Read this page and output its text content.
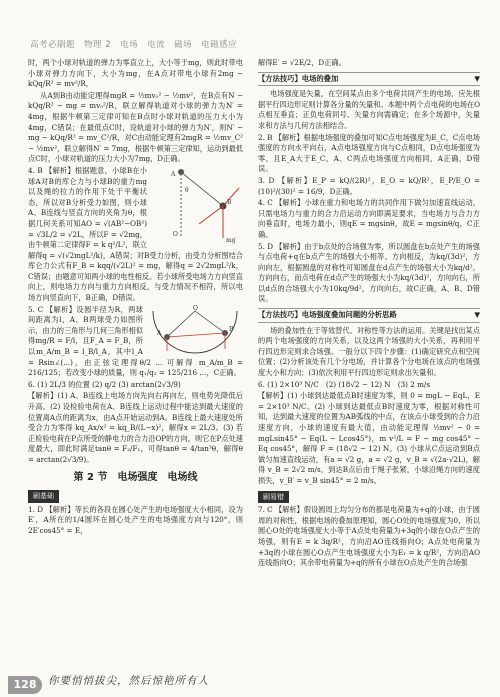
高考必刷题　物理 2　电场　电流　磁场　电磁感应

时，两个小球对轨道的弹力为零直立上，大小等于mg，则此时带电小球对弹力方向下，大小为mg，在A点对带电小球有2mg − kQq/R² = mv²/R，

从A到B由动能定理得mgR = ½mv₀² − ½mv²，在B点有N − kQq/R² − mg = mv₀²/R，联立解得轨道对小球的弹力为N′ = 4mg，根据牛顿第三定律可知在B点时小球对轨道的压力大小为4mg，C错误；在最低点C时，设轨道对小球的弹力为N′，则N′ − mg − kQq/R² = mv_C²/R，对C由动能定理有2mgR = ½mv_C² − ½mv²，联立解得N′ = 7mg，根据牛顿第三定律知，运动到最低点C时，小球对轨道的压力大小为7mg，D正确。

mg
A
B
θ
O

4. B 【解析】根据题意，小球B在小球A对B的库仑力与小球B的重力mg以及绳的拉力的作用下处于平衡状态，所以对B分析受力如图，则小球A、B连线与竖直方向的夹角为θ，根据几何关系可知AO = √(AB²−OB²) = √3L/2 = √2L，所以F = √2mg，由牛顿第二定律得F = k q²/L²，联立解得q = √(√2mgL²/k)，A错误；对B受力分析，由受力分析图结合库仑力公式有F_B = kqq/(√2L)² = mg，解得q = 2√2mgL²/k，C错误；由题意可知两小球的电性相反。若小球所受电场力方向竖直向上，则电场力方向与重力方向相反，与受力情况不相符，所以电场方向竖直向下，B正确，D错误。

A
B
O

5. C 【解析】设圆半径为R，两球间距离为l，A、B两球受力如图所示，由力的三角形与几何三角形相似得mg/R = F/l，且F_A = F_B，所以m_A/m_B = l_B/l_A，其中l_A = Rsin∠(...)，由正弦定理得θ/2 … 可解得 m_A/m_B = 216/125；若改变小球的质量，则 q₁/q₂ = 125/216 …，C正确。

6. (1) 2L/3 的位置 (2) q/2 (3) arctan(2√3/9)

【解析】(1) A、B连线上电场方向先向右再向左，则电势先降低后升高。(2) 设检验电荷在A、B连线上运动过程中能达到最大速度的位置离A点的距离为x，由A点开始运动到A、B连线上最大速度处所受合力为零得 kq_Ax/x² = kq_B/(L−x)²，解得x = 2L/3。(3) 若正检验电荷在P点所受的静电力的合力沿OP的方向，则它在P点处速度最大，即此时满足tanθ = F₂/F₁，可得tanθ = 4/tan³θ，解得θ = arctan(2√3/9)。

第 2 节　电场强度　电场线
刷基础

1. D 【解析】等长的各段在圆心处产生的电场强度大小相同，设为E′，A所在的1/4圆环在圆心处产生的电场强度方向与120°，则2E′cos45° = E，

解得E′ = √2E/2，D正确。

【方法技巧】电场的叠加	▼

电场强度是矢量，在空间某点由多个电荷共同产生的电场，应先根据平行四边形定则计算各分量的矢量和。本题中两个点电荷的电场在O点相互垂直；正负电荷同号、矢量方向需确定；在多个场源中，矢量求和方法与几何方法相结合。

2. B 【解析】根据电场强度的叠加可知C点电场强度为E_C，C点电场强度的方向水平向右，A点电场强度方向与C点相同，D点电场强度为零，且E_A大于E_C，A、C两点电场强度方向相同，A正确，D错误。

3. D 【解析】E_P = kQ/(2R)²，E_O = kQ/R²，E_P/E_O = (10)²/(30)² = 16/9，D正确。

4. C 【解析】小球在重力和电场力的共同作用下做匀加速直线运动，只需电场力与重力的合力沿运动方向即满足要求，当电场力与合力方向垂直时，电场力最小，则qE = mgsinθ，故E = mgsinθ/q，C正确。

5. D 【解析】由于b点处的合场强为零，所以圆盘在b点处产生的场强与点电荷+q在b点产生的场强大小相等、方向相反，为kq/(3d)²，方向向左，根据圆盘的对称性可知圆盘在d点产生的场强大小为kq/d²，方向向右，而点电荷在d点产生的场强大小为kq/(3d)²，方向向右，所以d点的合场强大小为10kq/9d²，方向向右，故C正确，A、B、D错误。

【方法技巧】电场强度叠加问题的分析思路	▼

场的叠加性在于等效替代、对称性等方法的运用。关键是找出某点的两个电场强度的方向关系，以及这两个场强的大小关系，再利用平行四边形定则求合场强。一般分以下四个步骤：(1)确定研究点和空间位置；(2)分析该处有几个分电场，并计算各个分电场在该点的电场强度大小和方向；(3)依次利用平行四边形定则求出矢量和。

6. (1) 2×10³ N/C　(2) (18√2 − 12) N　(3) 2 m/s

【解析】(1) 小球到达最低点B时速度为零，则 0 = mgL − EqL，E = 2×10³ N/C。(2) 小球到达最低点B时速度为零，根据对称性可知，达到最大速度的位置为AB弧线的中点，在该点小球受到的合力沿速度方向，小球的速度有最大值，由动能定理得 ½mv² − 0 = mgLsin45° − Eq(L − Lcos45°)，m v²/L = F − mg cos45° − Eq cos45°，解得 F = (18√2 − 12) N。(3) 小球从C点运动到B点做匀加速直线运动，有a = √2 g，a = √2 g，v_B = √(2a·√2L)，解得 v_B = 2√2 m/s，到达B点后由于绳子张紧，小球沿绳方向的速度损失，v_B′ = v_B sin45° = 2 m/s。

刷易错

7. C 【解析】假设圆周上均匀分布的都是电荷量为+q的小球，由于圆周的对称性，根据电场的叠加原理知，圆心O处的电场强度为0，所以圆心O处的电场强度大小等于A点处电荷量为+3q的小球在O点产生的场强，则有E = k 3q/R²，方向沿AO连线指向O；A点处电荷量为+3q的小球在圆心O点产生电场强度大小为E₁ = k q/R²，方向沿AO连线指向O；其余带电荷量为+q的所有小球在O点处产生的合场强

128	你要悄悄拔尖，然后惊艳所有人
